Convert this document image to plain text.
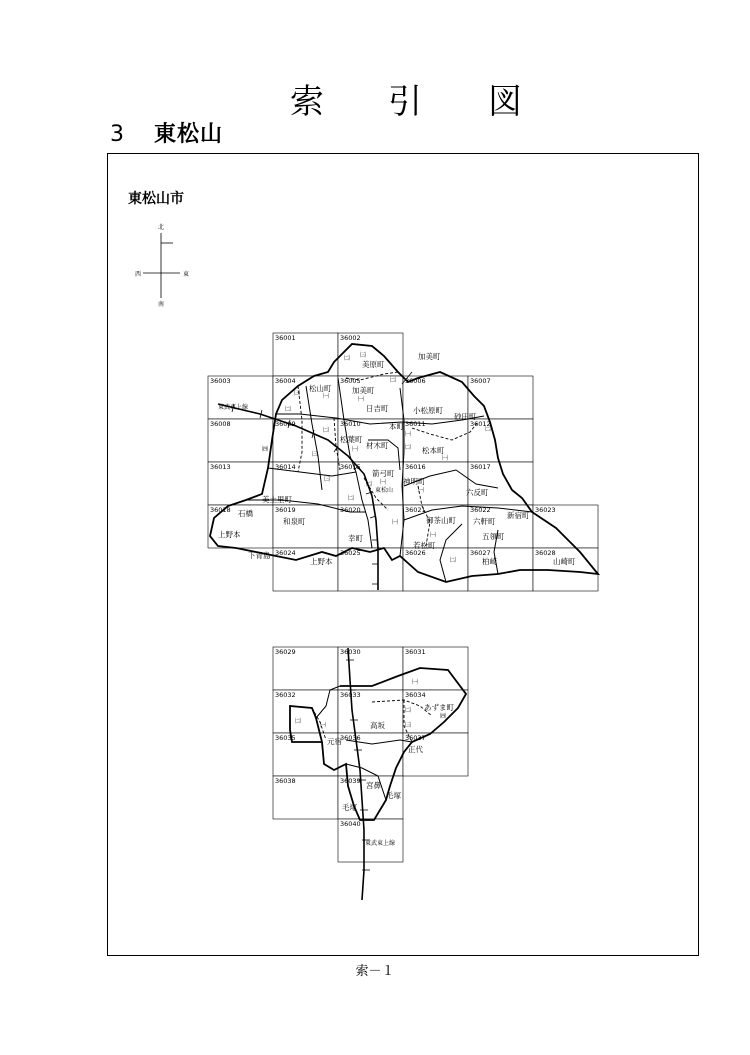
索 引 図
3 東松山
東松山市
北
南
西	東
36001	36002
36003	36004	36005	36006	36007
36008	36009	36010	36011	36012
36013	36014	36015	36016	36017
36018	36019	36020	36021	36022	36023
36024	36025	36026	36027	36028
36029	36030	36031
36032	36033	36034
36035	36036	36037
36038	36039
36040
加美町
美原町
㈡ ㈢
㈡
松山町
㈢	㈠
加美町
㈠
㈡
東武東上線	日吉町	小松原町
砂田町
㈣
㈡
㈢
松葉町
㈠
本町
材木町
㈠
㈡ 松本町
㈠
㈡
㈢
箭弓町
㈡ ㈠
東松山
神明町
㈠	六反町
美土里町	㈡
石橋
和泉町	㈠	御茶山町 六軒町
新宿町
㈠	五領町
上野本	幸町
若松町
下青島
上野本	㈡	柏崎	山崎町
㈠
あずま町
㈡
㈣
㈢
㈡
㈠	高坂
元宿
正代
宮鼻
毛塚
毛塚
東武東上線
索－１
